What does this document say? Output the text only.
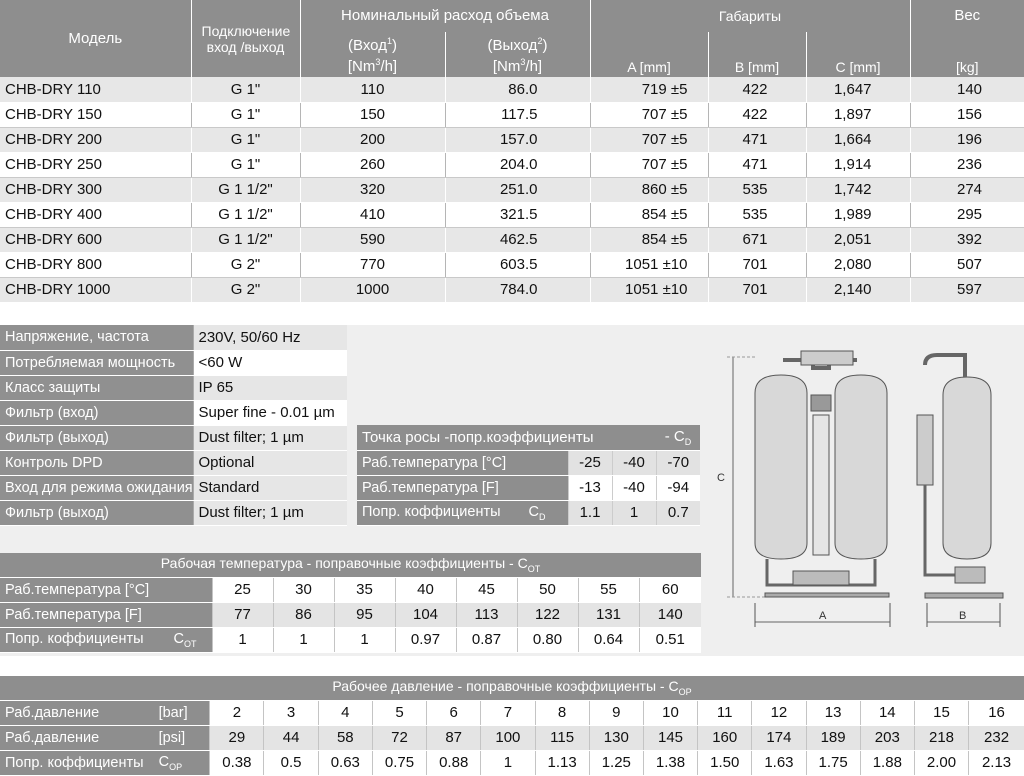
Модель	Подключение вход /выход	Номинальный расход объема		Габариты			Вес
		(Вход$^1$)	(Выход$^2$)	A [mm]	B [mm]	C [mm]	[kg]
		[Nm$^3$/h]	[Nm$^3$/h]				
CHB-DRY 110	G 1"	110	86.0	719 ±5	422	1,647	140
CHB-DRY 150	G 1"	150	117.5	707 ±5	422	1,897	156
CHB-DRY 200	G 1"	200	157.0	707 ±5	471	1,664	196
CHB-DRY 250	G 1"	260	204.0	707 ±5	471	1,914	236
CHB-DRY 300	G 1 1/2"	320	251.0	860 ±5	535	1,742	274
CHB-DRY 400	G 1 1/2"	410	321.5	854 ±5	535	1,989	295
CHB-DRY 600	G 1 1/2"	590	462.5	854 ±5	671	2,051	392
CHB-DRY 800	G 2"	770	603.5	1051 ±10	701	2,080	507
CHB-DRY 1000	G 2"	1000	784.0	1051 ±10	701	2,140	597
Напряжение, частота	230V, 50/60 Hz
Потребляемая мощность	<60 W
Класс защиты	IP 65
Фильтр (вход)	Super fine - 0.01 µm
Фильтр (выход)	Dust filter; 1 µm
Контроль DPD	Optional
Вход для режима ожидания	Standard
Фильтр (выход)	Dust filter; 1 µm
Точка росы -попр.коэффициенты			- $C_D$
Раб.температура [°C]	-25	-40	-70
Раб.температура [F]	-13	-40	-94
Попр. коффициенты $C_D$	1.1	1	0.7
Рабочая температура - поправочные коэффициенты - $C_{OT}$
Раб.температура [°C]	25	30	35	40	45	50	55	60
Раб.температура [F]	77	86	95	104	113	122	131	140
Попр. коффициенты $C_{OT}$	1	1	1	0.97	0.87	0.80	0.64	0.51
C
A	B
Рабочее давление - поправочные коэффициенты - $C_{OP}$
Раб.давление	[bar]	2	3	4	5	6	7	8	9	10	11	12	13	14	15	16
Раб.давление	[psi]	29	44	58	72	87	100	115	130	145	160	174	189	203	218	232
Попр. коффициенты	$C_{OP}$	0.38	0.5	0.63	0.75	0.88	1	1.13	1.25	1.38	1.50	1.63	1.75	1.88	2.00	2.13
